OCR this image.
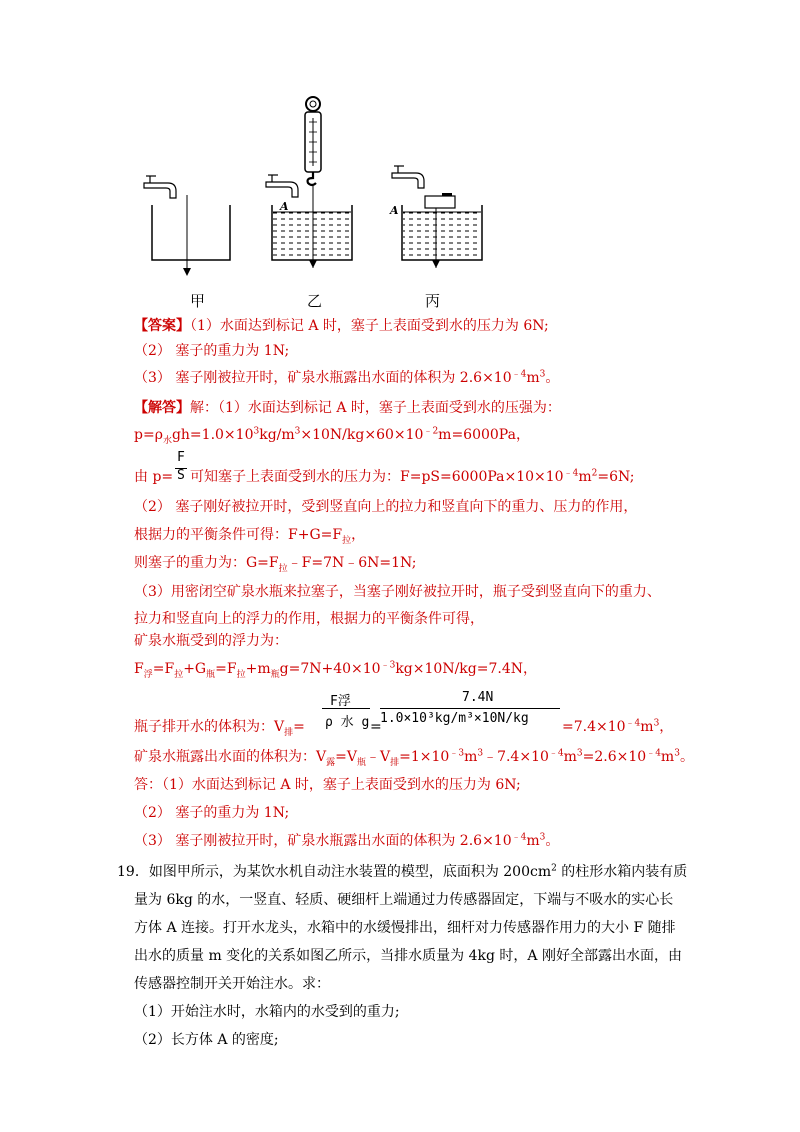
A	A
甲	乙	丙
【答案】（1）水面达到标记 A 时，塞子上表面受到水的压力为 6N;
（2） 塞子的重力为 1N;
（3） 塞子刚被拉开时，矿泉水瓶露出水面的体积为 $2.6\times 10^{﹣4}m^3$。
【解答】解：（1）水面达到标记 A 时，塞子上表面受到水的压强为：
$p=\rho_水gh=1.0\times 10^3kg/m^3\times 10N/kg\times 60\times 10^{﹣2}m=6000Pa$，
F
S
由 p= 可知塞子上表面受到水的压力为：$F=pS=6000Pa\times 10\times 10^{﹣4}m^2=6N$;
（2） 塞子刚好被拉开时，受到竖直向上的拉力和竖直向下的重力、压力的作用，
根据力的平衡条件可得：$F+G=F_拉$，
则塞子的重力为：$G=F_拉﹣F=7N﹣6N=1N$;
（3）用密闭空矿泉水瓶来拉塞子，当塞子刚好被拉开时，瓶子受到竖直向下的重力、
拉力和竖直向上的浮力的作用，根据力的平衡条件可得，
矿泉水瓶受到的浮力为：
$F_浮=F_拉+G_瓶=F_拉+m_瓶g=7N+40\times 10^{﹣3}kg\times 10N/kg=7.4N$，
F浮
ρ 水 g
7.4N
1.0×10³kg/m³×10N/kg
瓶子排开水的体积为：$V_排=$	=	$=7.4\times 10^{﹣4}m^3$，
矿泉水瓶露出水面的体积为：$V_露=V_瓶﹣V_排=1\times 10^{﹣3}m^3﹣7.4\times 10^{﹣4}m^3=2.6\times 10^{﹣4}m^3$。
答：（1）水面达到标记 A 时，塞子上表面受到水的压力为 6N;
（2） 塞子的重力为 1N;
（3） 塞子刚被拉开时，矿泉水瓶露出水面的体积为 $2.6\times 10^{﹣4}m^3$。
19．如图甲所示，为某饮水机自动注水装置的模型，底面积为 $200cm^2$ 的柱形水箱内装有质
量为 6kg 的水，一竖直、轻质、硬细杆上端通过力传感器固定，下端与不吸水的实心长
方体 A 连接。打开水龙头，水箱中的水缓慢排出，细杆对力传感器作用力的大小 F 随排
出水的质量 m 变化的关系如图乙所示，当排水质量为 4kg 时，A 刚好全部露出水面，由
传感器控制开关开始注水。求：
（1）开始注水时，水箱内的水受到的重力;
（2）长方体 A 的密度;
